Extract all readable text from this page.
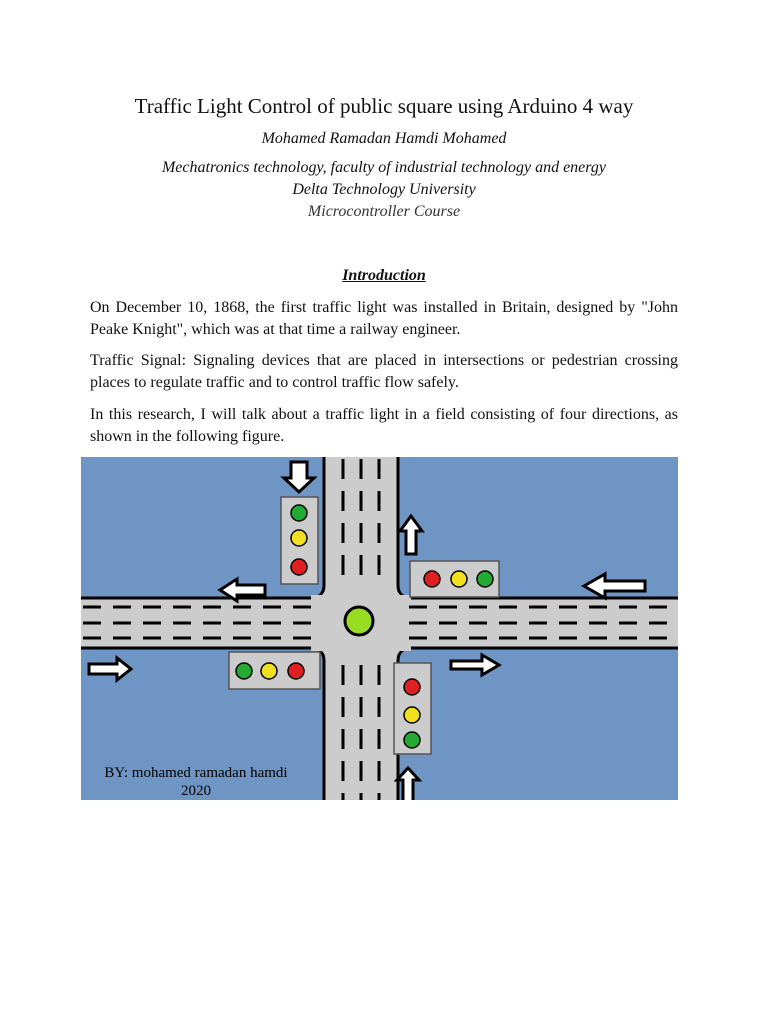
Traffic Light Control of public square using Arduino 4 way
Mohamed Ramadan Hamdi Mohamed
Mechatronics technology, faculty of industrial technology and energy
Delta Technology University
Microcontroller Course
Introduction

On December 10, 1868, the first traffic light was installed in Britain, designed by "John Peake Knight", which was at that time a railway engineer.

Traffic Signal: Signaling devices that are placed in intersections or pedestrian crossing places to regulate traffic and to control traffic flow safely.

In this research, I will talk about a traffic light in a field consisting of four directions, as shown in the following figure.

BY: mohamed ramadan hamdi
2020
